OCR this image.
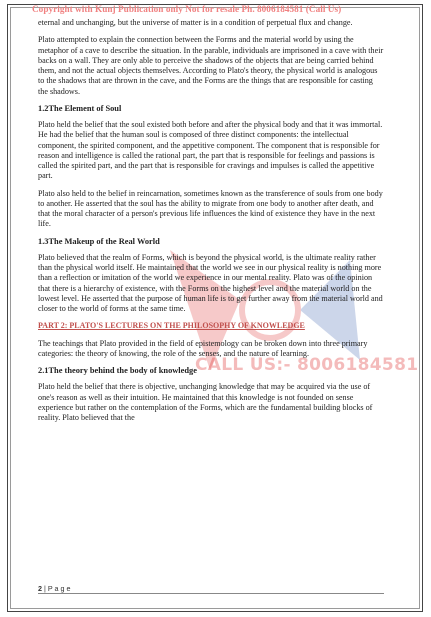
Copyright with Kunj Publication only Not for resale Ph. 8006184581 (Call Us)
CALL US:- 8006184581

eternal and unchanging, but the universe of matter is in a condition of perpetual flux and change.

Plato attempted to explain the connection between the Forms and the material world by using the metaphor of a cave to describe the situation. In the parable, individuals are imprisoned in a cave with their backs on a wall. They are only able to perceive the shadows of the objects that are being carried behind them, and not the actual objects themselves. According to Plato's theory, the physical world is analogous to the shadows that are thrown in the cave, and the Forms are the things that are responsible for casting the shadows.

1.2The Element of Soul

Plato held the belief that the soul existed both before and after the physical body and that it was immortal. He had the belief that the human soul is composed of three distinct components: the intellectual component, the spirited component, and the appetitive component. The component that is responsible for reason and intelligence is called the rational part, the part that is responsible for feelings and passions is called the spirited part, and the part that is responsible for cravings and impulses is called the appetitive part.

Plato also held to the belief in reincarnation, sometimes known as the transference of souls from one body to another. He asserted that the soul has the ability to migrate from one body to another after death, and that the moral character of a person's previous life influences the kind of existence they have in the next life.

1.3The Makeup of the Real World

Plato believed that the realm of Forms, which is beyond the physical world, is the ultimate reality rather than the physical world itself. He maintained that the world we see in our physical reality is nothing more than a reflection or imitation of the world we experience in our mental reality. Plato was of the opinion that there is a hierarchy of existence, with the Forms on the highest level and the material world on the lowest level. He asserted that the purpose of human life is to get further away from the material world and closer to the world of forms at the same time.

PART 2: PLATO'S LECTURES ON THE PHILOSOPHY OF KNOWLEDGE

The teachings that Plato provided in the field of epistemology can be broken down into three primary categories: the theory of knowing, the role of the senses, and the nature of learning.

2.1The theory behind the body of knowledge

Plato held the belief that there is objective, unchanging knowledge that may be acquired via the use of one's reason as well as their intuition. He maintained that this knowledge is not founded on sense experience but rather on the contemplation of the Forms, which are the fundamental building blocks of reality. Plato believed that the

2 | P a g e
